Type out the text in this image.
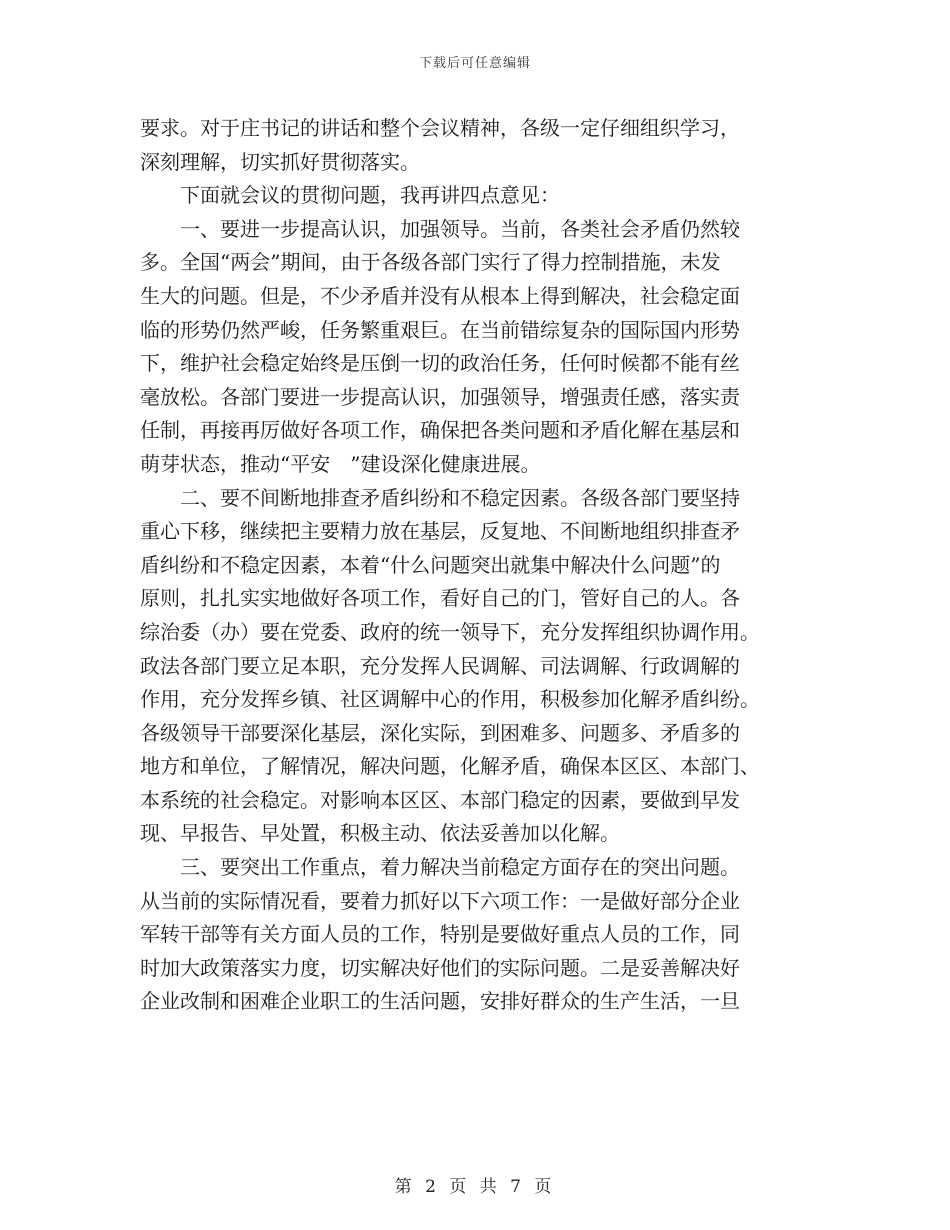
下载后可任意编辑
要求。对于庄书记的讲话和整个会议精神，各级一定仔细组织学习，
深刻理解，切实抓好贯彻落实。
　　下面就会议的贯彻问题，我再讲四点意见：
　　一、要进一步提高认识，加强领导。当前，各类社会矛盾仍然较
多。全国“两会”期间，由于各级各部门实行了得力控制措施，未发
生大的问题。但是，不少矛盾并没有从根本上得到解决，社会稳定面
临的形势仍然严峻，任务繁重艰巨。在当前错综复杂的国际国内形势
下，维护社会稳定始终是压倒一切的政治任务，任何时候都不能有丝
毫放松。各部门要进一步提高认识，加强领导，增强责任感，落实责
任制，再接再厉做好各项工作，确保把各类问题和矛盾化解在基层和
萌芽状态，推动“平安　”建设深化健康进展。
　　二、要不间断地排查矛盾纠纷和不稳定因素。各级各部门要坚持
重心下移，继续把主要精力放在基层，反复地、不间断地组织排查矛
盾纠纷和不稳定因素，本着“什么问题突出就集中解决什么问题”的
原则，扎扎实实地做好各项工作，看好自己的门，管好自己的人。各
综治委（办）要在党委、政府的统一领导下，充分发挥组织协调作用。
政法各部门要立足本职，充分发挥人民调解、司法调解、行政调解的
作用，充分发挥乡镇、社区调解中心的作用，积极参加化解矛盾纠纷。
各级领导干部要深化基层，深化实际，到困难多、问题多、矛盾多的
地方和单位，了解情况，解决问题，化解矛盾，确保本区区、本部门、
本系统的社会稳定。对影响本区区、本部门稳定的因素，要做到早发
现、早报告、早处置，积极主动、依法妥善加以化解。
　　三、要突出工作重点，着力解决当前稳定方面存在的突出问题。
从当前的实际情况看，要着力抓好以下六项工作：一是做好部分企业
军转干部等有关方面人员的工作，特别是要做好重点人员的工作，同
时加大政策落实力度，切实解决好他们的实际问题。二是妥善解决好
企业改制和困难企业职工的生活问题，安排好群众的生产生活，一旦
第 2 页 共 7 页
